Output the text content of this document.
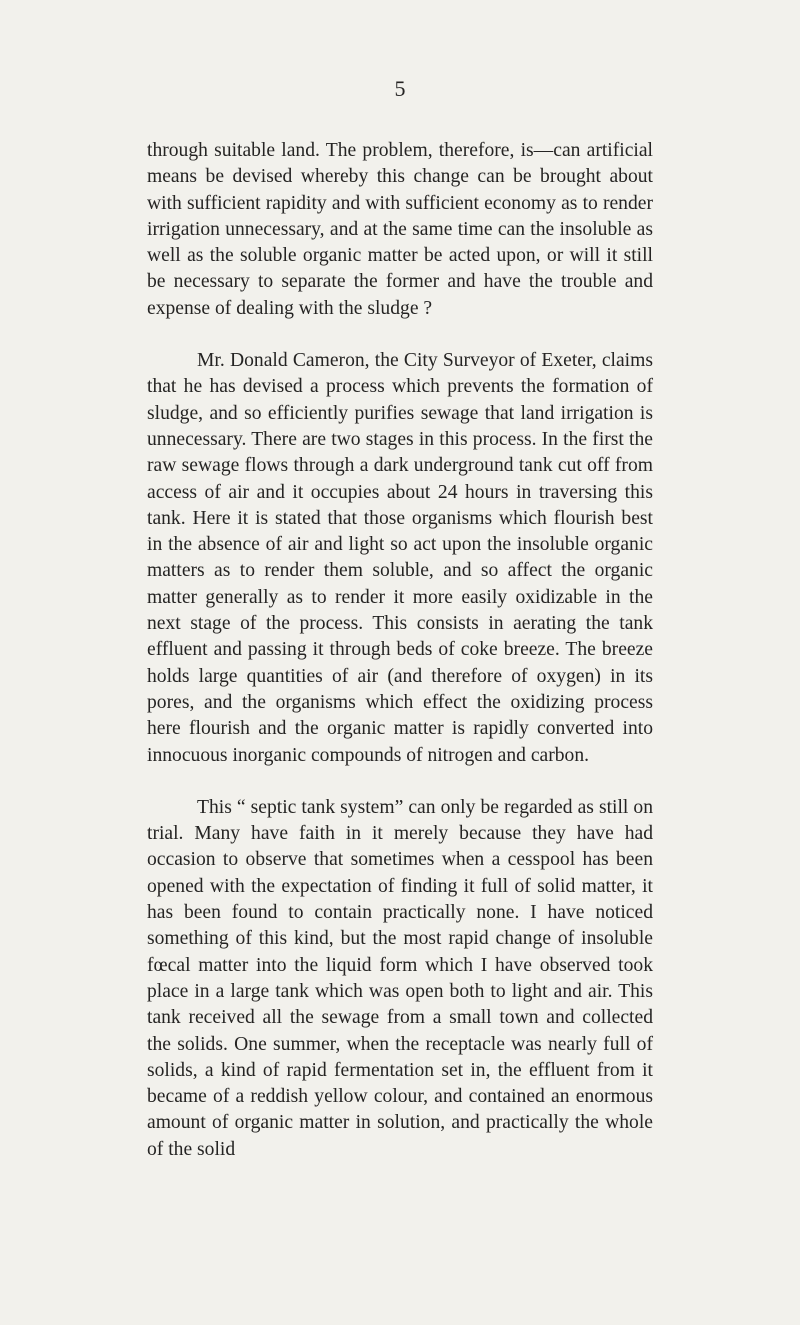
5

through suitable land. The problem, therefore, is—can artificial means be devised whereby this change can be brought about with sufficient rapidity and with sufficient economy as to render irrigation unnecessary, and at the same time can the insoluble as well as the soluble organic matter be acted upon, or will it still be necessary to separate the former and have the trouble and expense of dealing with the sludge ?

Mr. Donald Cameron, the City Surveyor of Exeter, claims that he has devised a process which prevents the formation of sludge, and so efficiently purifies sewage that land irrigation is unnecessary. There are two stages in this process. In the first the raw sewage flows through a dark underground tank cut off from access of air and it occupies about 24 hours in traversing this tank. Here it is stated that those organisms which flourish best in the absence of air and light so act upon the insoluble organic matters as to render them soluble, and so affect the organic matter generally as to render it more easily oxidizable in the next stage of the process. This consists in aerating the tank effluent and passing it through beds of coke breeze. The breeze holds large quantities of air (and therefore of oxygen) in its pores, and the organisms which effect the oxidizing process here flourish and the organic matter is rapidly converted into innocuous inorganic compounds of nitrogen and carbon.

This “ septic tank system” can only be regarded as still on trial. Many have faith in it merely because they have had occasion to observe that sometimes when a cesspool has been opened with the expectation of finding it full of solid matter, it has been found to contain practically none. I have noticed something of this kind, but the most rapid change of insoluble fœcal matter into the liquid form which I have observed took place in a large tank which was open both to light and air. This tank received all the sewage from a small town and collected the solids. One summer, when the receptacle was nearly full of solids, a kind of rapid fermentation set in, the effluent from it became of a reddish yellow colour, and contained an enormous amount of organic matter in solution, and practically the whole of the solid
